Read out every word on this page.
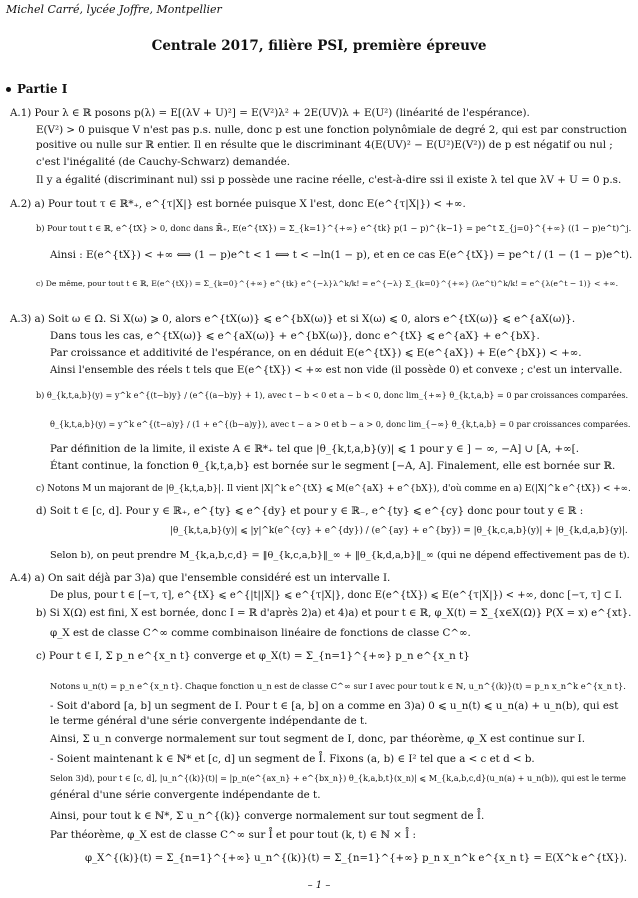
Michel Carré, lycée Joffre, Montpellier
Centrale 2017, filière PSI, première épreuve
Partie I
A.1) Pour λ ∈ ℝ posons p(λ) = E[(λV + U)²] = E(V²)λ² + 2E(UV)λ + E(U²) (linéarité de l'espérance).
E(V²) > 0 puisque V n'est pas p.s. nulle, donc p est une fonction polynômiale de degré 2, qui est par construction
positive ou nulle sur ℝ entier. Il en résulte que le discriminant 4(E(UV)² − E(U²)E(V²)) de p est négatif ou nul ;
c'est l'inégalité (de Cauchy-Schwarz) demandée.
Il y a égalité (discriminant nul) ssi p possède une racine réelle, c'est-à-dire ssi il existe λ tel que λV + U = 0 p.s.
A.2) a) Pour tout τ ∈ ℝ*₊, e^{τ|X|} est bornée puisque X l'est, donc E(e^{τ|X|}) < +∞.
b) Pour tout t ∈ ℝ, e^{tX} > 0, donc dans ℝ̄₊, E(e^{tX}) = Σ_{k=1}^{+∞} e^{tk} p(1 − p)^{k−1} = pe^t Σ_{j=0}^{+∞} ((1 − p)e^t)^j.
Ainsi : E(e^{tX}) < +∞ ⟺ (1 − p)e^t < 1 ⟺ t < −ln(1 − p), et en ce cas E(e^{tX}) = pe^t / (1 − (1 − p)e^t).
c) De même, pour tout t ∈ ℝ, E(e^{tX}) = Σ_{k=0}^{+∞} e^{tk} e^{−λ}λ^k/k! = e^{−λ} Σ_{k=0}^{+∞} (λe^t)^k/k! = e^{λ(e^t − 1)} < +∞.
A.3) a) Soit ω ∈ Ω. Si X(ω) ⩾ 0, alors e^{tX(ω)} ⩽ e^{bX(ω)} et si X(ω) ⩽ 0, alors e^{tX(ω)} ⩽ e^{aX(ω)}.
Dans tous les cas, e^{tX(ω)} ⩽ e^{aX(ω)} + e^{bX(ω)}, donc e^{tX} ⩽ e^{aX} + e^{bX}.
Par croissance et additivité de l'espérance, on en déduit E(e^{tX}) ⩽ E(e^{aX}) + E(e^{bX}) < +∞.
Ainsi l'ensemble des réels t tels que E(e^{tX}) < +∞ est non vide (il possède 0) et convexe ; c'est un intervalle.
b) θ_{k,t,a,b}(y) = y^k e^{(t−b)y} / (e^{(a−b)y} + 1), avec t − b < 0 et a − b < 0, donc lim_{+∞} θ_{k,t,a,b} = 0 par croissances comparées.
θ_{k,t,a,b}(y) = y^k e^{(t−a)y} / (1 + e^{(b−a)y}), avec t − a > 0 et b − a > 0, donc lim_{−∞} θ_{k,t,a,b} = 0 par croissances comparées.
Par définition de la limite, il existe A ∈ ℝ*₊ tel que |θ_{k,t,a,b}(y)| ⩽ 1 pour y ∈ ] − ∞, −A] ∪ [A, +∞[.
Étant continue, la fonction θ_{k,t,a,b} est bornée sur le segment [−A, A]. Finalement, elle est bornée sur ℝ.
c) Notons M un majorant de |θ_{k,t,a,b}|. Il vient |X|^k e^{tX} ⩽ M(e^{aX} + e^{bX}), d'où comme en a) E(|X|^k e^{tX}) < +∞.
d) Soit t ∈ [c, d]. Pour y ∈ ℝ₊, e^{ty} ⩽ e^{dy} et pour y ∈ ℝ₋, e^{ty} ⩽ e^{cy} donc pour tout y ∈ ℝ :
|θ_{k,t,a,b}(y)| ⩽ |y|^k(e^{cy} + e^{dy}) / (e^{ay} + e^{by}) = |θ_{k,c,a,b}(y)| + |θ_{k,d,a,b}(y)|.
Selon b), on peut prendre M_{k,a,b,c,d} = ‖θ_{k,c,a,b}‖_∞ + ‖θ_{k,d,a,b}‖_∞ (qui ne dépend effectivement pas de t).
A.4) a) On sait déjà par 3)a) que l'ensemble considéré est un intervalle I.
De plus, pour t ∈ [−τ, τ], e^{tX} ⩽ e^{|t||X|} ⩽ e^{τ|X|}, donc E(e^{tX}) ⩽ E(e^{τ|X|}) < +∞, donc [−τ, τ] ⊂ I.
b) Si X(Ω) est fini, X est bornée, donc I = ℝ d'après 2)a) et 4)a) et pour t ∈ ℝ, φ_X(t) = Σ_{x∈X(Ω)} P(X = x) e^{xt}.
φ_X est de classe C^∞ comme combinaison linéaire de fonctions de classe C^∞.
c) Pour t ∈ I, Σ p_n e^{x_n t} converge et φ_X(t) = Σ_{n=1}^{+∞} p_n e^{x_n t}
Notons u_n(t) = p_n e^{x_n t}. Chaque fonction u_n est de classe C^∞ sur I avec pour tout k ∈ ℕ, u_n^{(k)}(t) = p_n x_n^k e^{x_n t}.
- Soit d'abord [a, b] un segment de I. Pour t ∈ [a, b] on a comme en 3)a) 0 ⩽ u_n(t) ⩽ u_n(a) + u_n(b), qui est
le terme général d'une série convergente indépendante de t.
Ainsi, Σ u_n converge normalement sur tout segment de I, donc, par théorème, φ_X est continue sur I.
- Soient maintenant k ∈ ℕ* et [c, d] un segment de I̊. Fixons (a, b) ∈ I² tel que a < c et d < b.
Selon 3)d), pour t ∈ [c, d], |u_n^{(k)}(t)| = |p_n(e^{ax_n} + e^{bx_n}) θ_{k,a,b,t}(x_n)| ⩽ M_{k,a,b,c,d}(u_n(a) + u_n(b)), qui est le terme
général d'une série convergente indépendante de t.
Ainsi, pour tout k ∈ ℕ*, Σ u_n^{(k)} converge normalement sur tout segment de I̊.
Par théorème, φ_X est de classe C^∞ sur I̊ et pour tout (k, t) ∈ ℕ × I̊ :
φ_X^{(k)}(t) = Σ_{n=1}^{+∞} u_n^{(k)}(t) = Σ_{n=1}^{+∞} p_n x_n^k e^{x_n t} = E(X^k e^{tX}).
– 1 –
